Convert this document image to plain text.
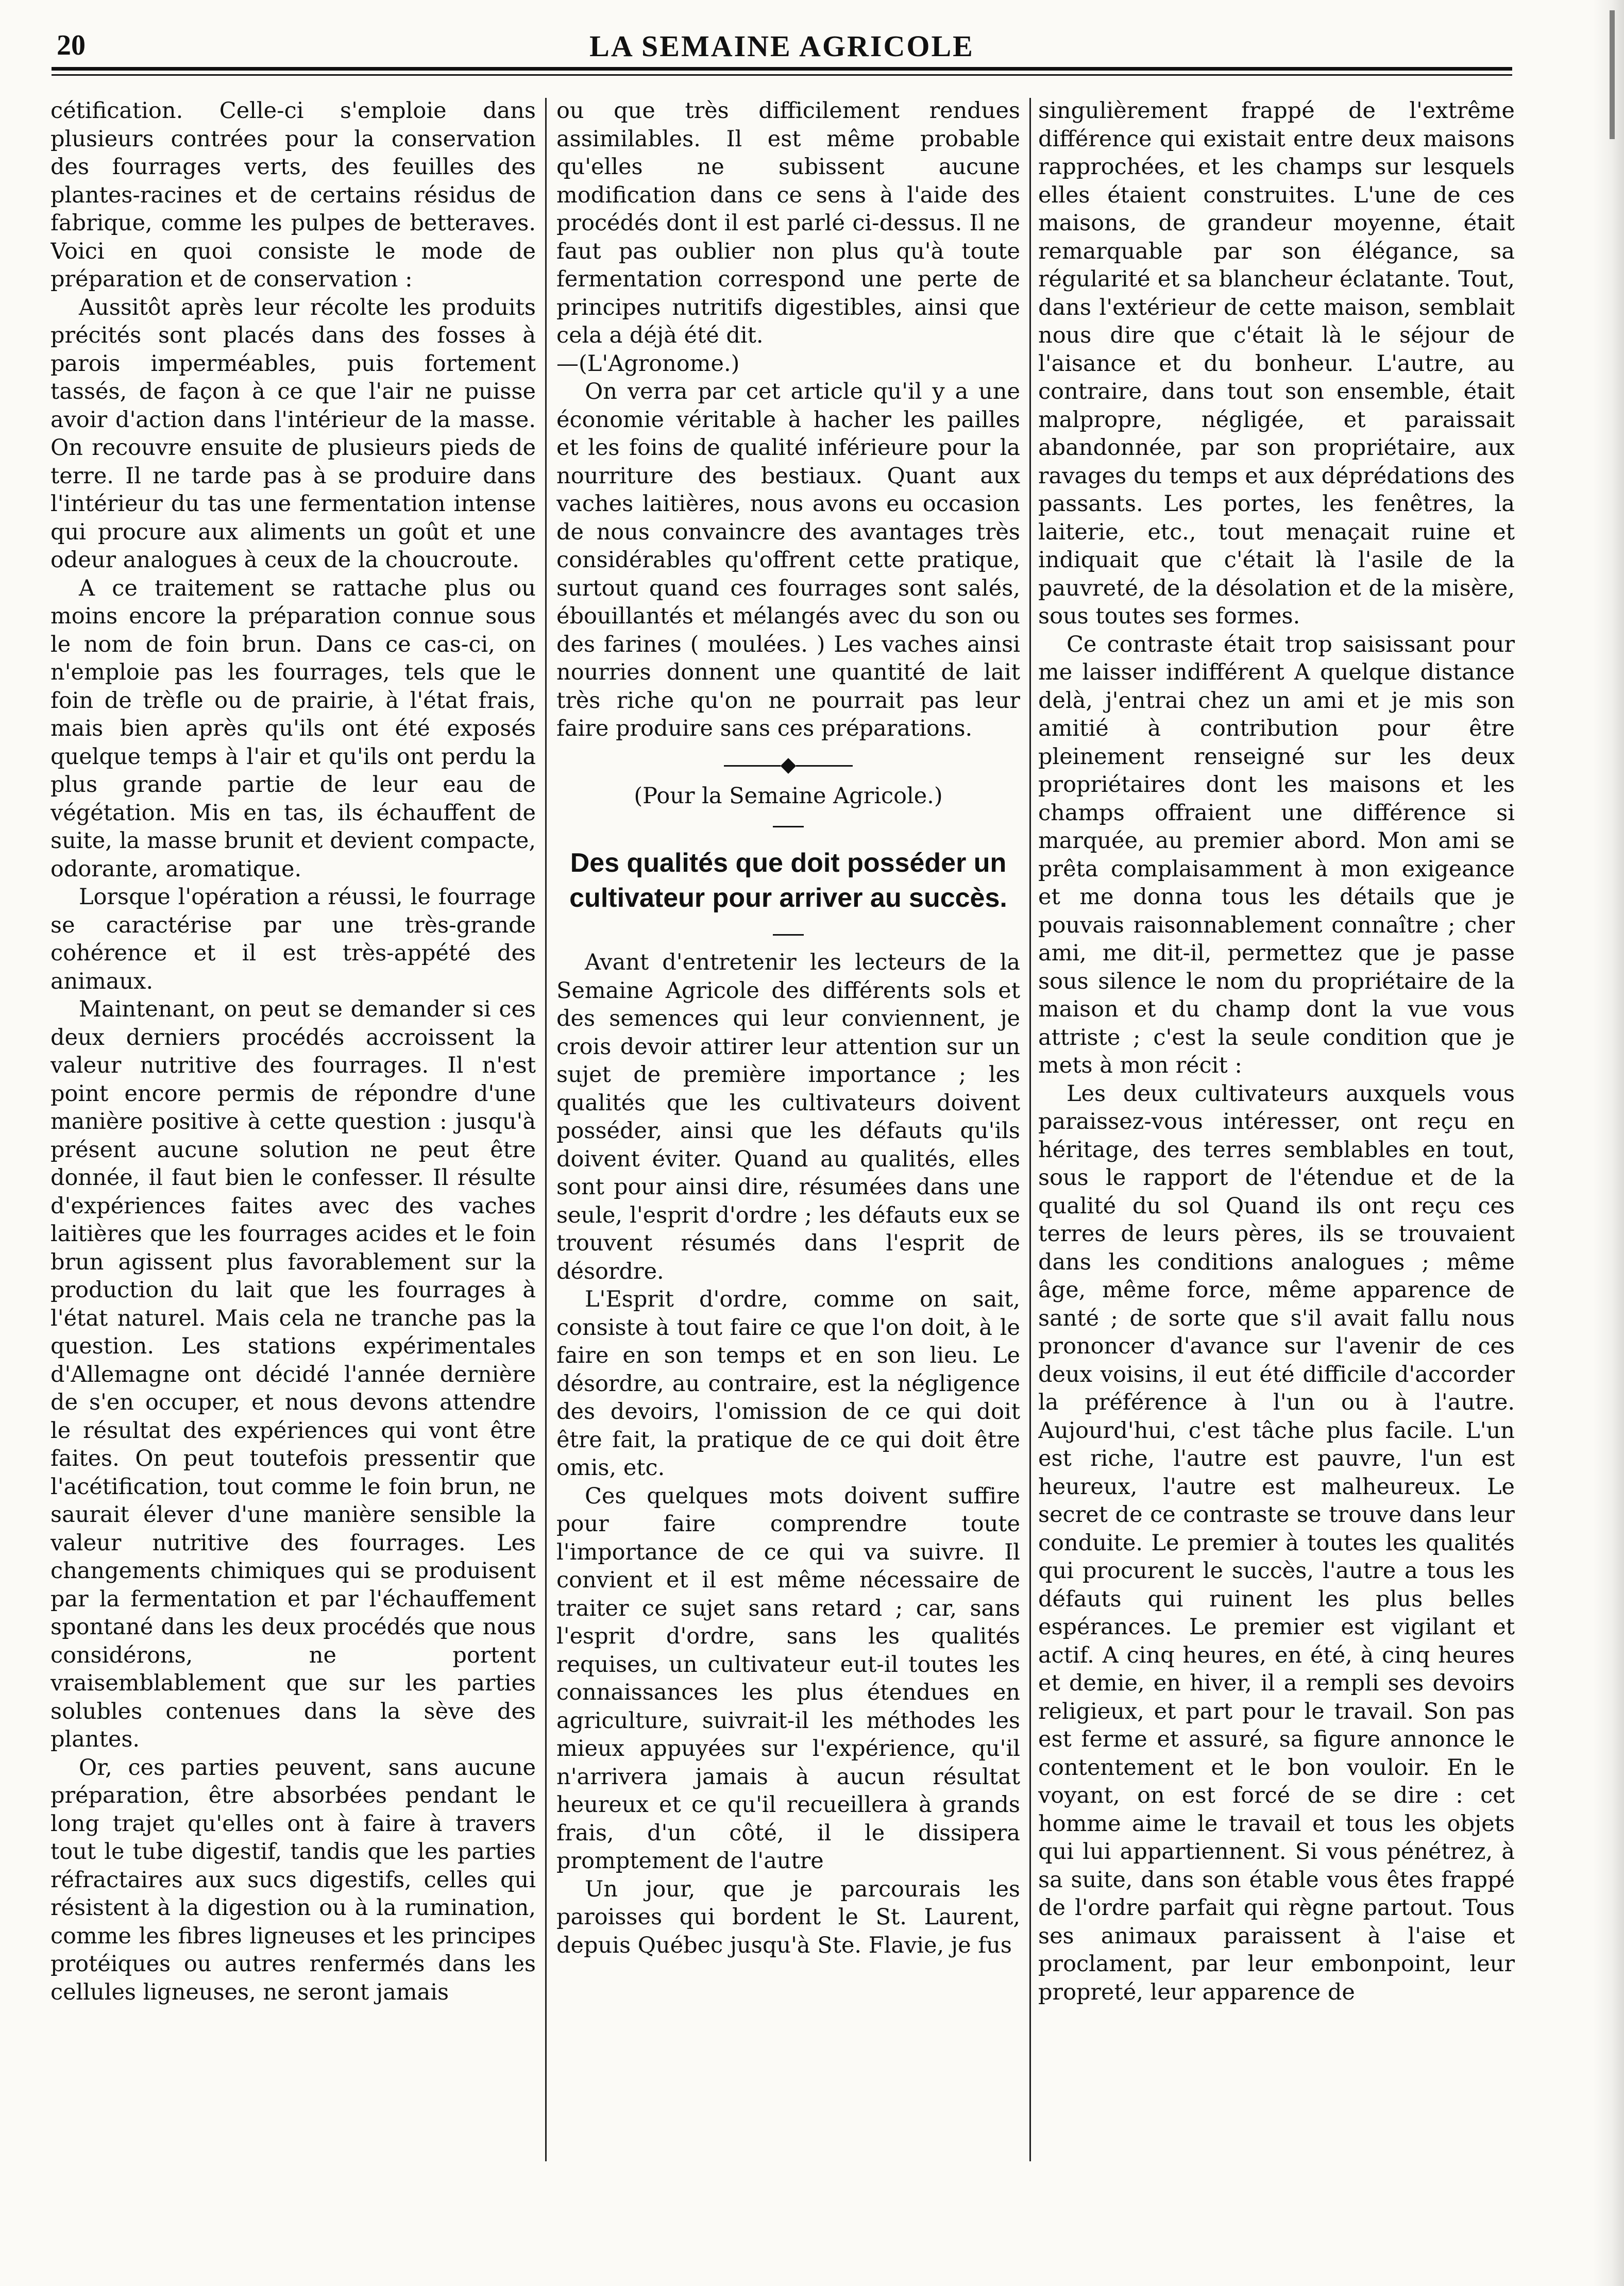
20	LA SEMAINE AGRICOLE

cétification. Celle-ci s'emploie dans plusieurs contrées pour la conservation des fourrages verts, des feuilles des plantes-racines et de certains résidus de fabrique, comme les pulpes de betteraves. Voici en quoi consiste le mode de préparation et de conservation :

Aussitôt après leur récolte les produits précités sont placés dans des fosses à parois imperméables, puis fortement tassés, de façon à ce que l'air ne puisse avoir d'action dans l'intérieur de la masse. On recouvre ensuite de plusieurs pieds de terre. Il ne tarde pas à se produire dans l'intérieur du tas une fermentation intense qui procure aux aliments un goût et une odeur analogues à ceux de la choucroute.

A ce traitement se rattache plus ou moins encore la préparation connue sous le nom de foin brun. Dans ce cas-ci, on n'emploie pas les fourrages, tels que le foin de trèfle ou de prairie, à l'état frais, mais bien après qu'ils ont été exposés quelque temps à l'air et qu'ils ont perdu la plus grande partie de leur eau de végétation. Mis en tas, ils échauffent de suite, la masse brunit et devient compacte, odorante, aromatique.

Lorsque l'opération a réussi, le fourrage se caractérise par une très-grande cohérence et il est très-appété des animaux.

Maintenant, on peut se demander si ces deux derniers procédés accroissent la valeur nutritive des fourrages. Il n'est point encore permis de répondre d'une manière positive à cette question : jusqu'à présent aucune solution ne peut être donnée, il faut bien le confesser. Il résulte d'expériences faites avec des vaches laitières que les fourrages acides et le foin brun agissent plus favorablement sur la production du lait que les fourrages à l'état naturel. Mais cela ne tranche pas la question. Les stations expérimentales d'Allemagne ont décidé l'année dernière de s'en occuper, et nous devons attendre le résultat des expériences qui vont être faites. On peut toutefois pressentir que l'acétification, tout comme le foin brun, ne saurait élever d'une manière sensible la valeur nutritive des fourrages. Les changements chimiques qui se produisent par la fermentation et par l'échauffement spontané dans les deux procédés que nous considérons, ne portent vraisemblablement que sur les parties solubles contenues dans la sève des plantes.

Or, ces parties peuvent, sans aucune préparation, être absorbées pendant le long trajet qu'elles ont à faire à travers tout le tube digestif, tandis que les parties réfractaires aux sucs digestifs, celles qui résistent à la digestion ou à la rumination, comme les fibres ligneuses et les principes protéiques ou autres renfermés dans les cellules ligneuses, ne seront jamais

ou que très difficilement rendues assimilables. Il est même probable qu'elles ne subissent aucune modification dans ce sens à l'aide des procédés dont il est parlé ci-dessus. Il ne faut pas oublier non plus qu'à toute fermentation correspond une perte de principes nutritifs digestibles, ainsi que cela a déjà été dit.

—(L'Agronome.)

On verra par cet article qu'il y a une économie véritable à hacher les pailles et les foins de qualité inférieure pour la nourriture des bestiaux. Quant aux vaches laitières, nous avons eu occasion de nous convaincre des avantages très considérables qu'offrent cette pratique, surtout quand ces fourrages sont salés, ébouillantés et mélangés avec du son ou des farines ( moulées. ) Les vaches ainsi nourries donnent une quantité de lait très riche qu'on ne pourrait pas leur faire produire sans ces préparations.

◆

(Pour la Semaine Agricole.)

Des qualités que doit posséder un cultivateur pour arriver au succès.

Avant d'entretenir les lecteurs de la Semaine Agricole des différents sols et des semences qui leur conviennent, je crois devoir attirer leur attention sur un sujet de première importance ; les qualités que les cultivateurs doivent posséder, ainsi que les défauts qu'ils doivent éviter. Quand au qualités, elles sont pour ainsi dire, résumées dans une seule, l'esprit d'ordre ; les défauts eux se trouvent résumés dans l'esprit de désordre.

L'Esprit d'ordre, comme on sait, consiste à tout faire ce que l'on doit, à le faire en son temps et en son lieu. Le désordre, au contraire, est la négligence des devoirs, l'omission de ce qui doit être fait, la pratique de ce qui doit être omis, etc.

Ces quelques mots doivent suffire pour faire comprendre toute l'importance de ce qui va suivre. Il convient et il est même nécessaire de traiter ce sujet sans retard ; car, sans l'esprit d'ordre, sans les qualités requises, un cultivateur eut-il toutes les connaissances les plus étendues en agriculture, suivrait-il les méthodes les mieux appuyées sur l'expérience, qu'il n'arrivera jamais à aucun résultat heureux et ce qu'il recueillera à grands frais, d'un côté, il le dissipera promptement de l'autre

Un jour, que je parcourais les paroisses qui bordent le St. Laurent, depuis Québec jusqu'à Ste. Flavie, je fus

singulièrement frappé de l'extrême différence qui existait entre deux maisons rapprochées, et les champs sur lesquels elles étaient construites. L'une de ces maisons, de grandeur moyenne, était remarquable par son élégance, sa régularité et sa blancheur éclatante. Tout, dans l'extérieur de cette maison, semblait nous dire que c'était là le séjour de l'aisance et du bonheur. L'autre, au contraire, dans tout son ensemble, était malpropre, négligée, et paraissait abandonnée, par son propriétaire, aux ravages du temps et aux déprédations des passants. Les portes, les fenêtres, la laiterie, etc., tout menaçait ruine et indiquait que c'était là l'asile de la pauvreté, de la désolation et de la misère, sous toutes ses formes.

Ce contraste était trop saisissant pour me laisser indifférent A quelque distance delà, j'entrai chez un ami et je mis son amitié à contribution pour être pleinement renseigné sur les deux propriétaires dont les maisons et les champs offraient une différence si marquée, au premier abord. Mon ami se prêta complaisamment à mon exigeance et me donna tous les détails que je pouvais raisonnablement connaître ; cher ami, me dit-il, permettez que je passe sous silence le nom du propriétaire de la maison et du champ dont la vue vous attriste ; c'est la seule condition que je mets à mon récit :

Les deux cultivateurs auxquels vous paraissez-vous intéresser, ont reçu en héritage, des terres semblables en tout, sous le rapport de l'étendue et de la qualité du sol Quand ils ont reçu ces terres de leurs pères, ils se trouvaient dans les conditions analogues ; même âge, même force, même apparence de santé ; de sorte que s'il avait fallu nous prononcer d'avance sur l'avenir de ces deux voisins, il eut été difficile d'accorder la préférence à l'un ou à l'autre. Aujourd'hui, c'est tâche plus facile. L'un est riche, l'autre est pauvre, l'un est heureux, l'autre est malheureux. Le secret de ce contraste se trouve dans leur conduite. Le premier à toutes les qualités qui procurent le succès, l'autre a tous les défauts qui ruinent les plus belles espérances. Le premier est vigilant et actif. A cinq heures, en été, à cinq heures et demie, en hiver, il a rempli ses devoirs religieux, et part pour le travail. Son pas est ferme et assuré, sa figure annonce le contentement et le bon vouloir. En le voyant, on est forcé de se dire : cet homme aime le travail et tous les objets qui lui appartiennent. Si vous pénétrez, à sa suite, dans son étable vous êtes frappé de l'ordre parfait qui règne partout. Tous ses animaux paraissent à l'aise et proclament, par leur embonpoint, leur propreté, leur apparence de
